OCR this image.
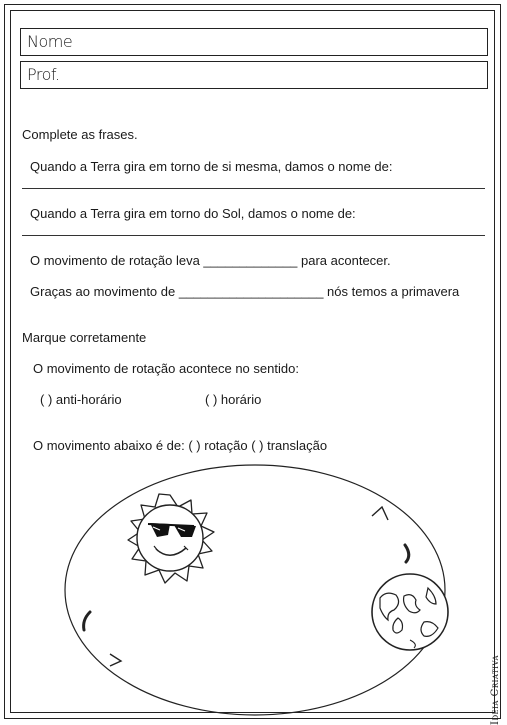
Nome
Prof.
Complete as frases.
Quando a Terra gira em torno de si mesma, damos o nome de:
Quando a Terra gira em torno do Sol, damos o nome de:
O movimento de rotação leva _____________ para acontecer.
Graças ao movimento de ____________________ nós temos a primavera
Marque corretamente
O movimento de rotação acontece no sentido:
( ) anti-horário	( ) horário
O movimento abaixo é de: ( ) rotação ( ) translação
Ideia Criativa
